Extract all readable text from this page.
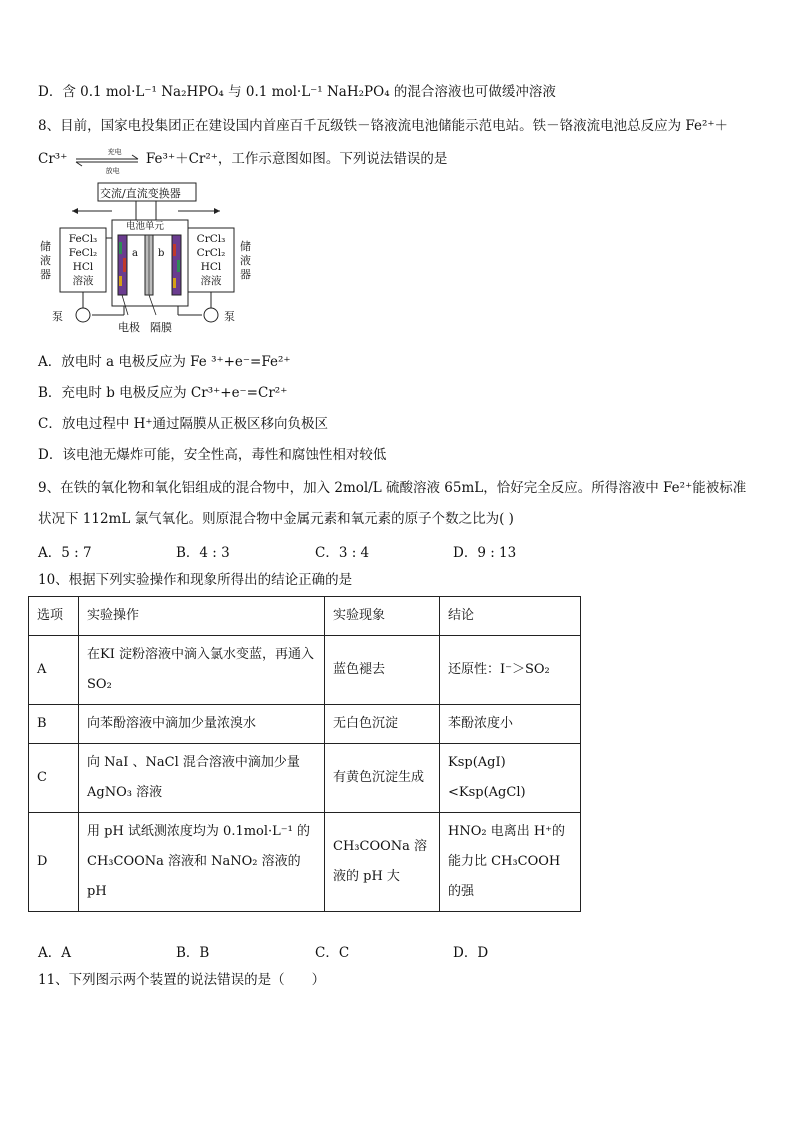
D．含 0.1 mol·L⁻¹ Na₂HPO₄ 与 0.1 mol·L⁻¹ NaH₂PO₄ 的混合溶液也可做缓冲溶液
8、目前，国家电投集团正在建设国内首座百千瓦级铁－铬液流电池储能示范电站。铁－铬液流电池总反应为 Fe²⁺＋
Cr³⁺	充电
放电
Fe³⁺＋Cr²⁺，工作示意图如图。下列说法错误的是
交流/直流变换器
电池单元
储液器
储液器
FeCl₃
FeCl₂
HCl
溶液
CrCl₃
CrCl₂
HCl
溶液
a b
泵	泵
电极 隔膜
A．放电时 a 电极反应为 Fe ³⁺+e⁻=Fe²⁺
B．充电时 b 电极反应为 Cr³⁺+e⁻=Cr²⁺
C．放电过程中 H⁺通过隔膜从正极区移向负极区
D．该电池无爆炸可能，安全性高，毒性和腐蚀性相对较低
9、在铁的氧化物和氧化铝组成的混合物中，加入 2mol/L 硫酸溶液 65mL，恰好完全反应。所得溶液中 Fe²⁺能被标准
状况下 112mL 氯气氧化。则原混合物中金属元素和氧元素的原子个数之比为( )
A．5 : 7	B．4 : 3	C．3 : 4	D．9 : 13
10、根据下列实验操作和现象所得出的结论正确的是
选项	实验操作	实验现象	结论
A	在KI 淀粉溶液中滴入氯水变蓝，再通入 SO₂	蓝色褪去	还原性：I⁻＞SO₂
B	向苯酚溶液中滴加少量浓溴水	无白色沉淀	苯酚浓度小
C	向 NaI 、NaCl 混合溶液中滴加少量 AgNO₃ 溶液	有黄色沉淀生成	Ksp(AgI)<Ksp(AgCl)
D	用 pH 试纸测浓度均为 0.1mol·L⁻¹ 的 CH₃COONa 溶液和 NaNO₂ 溶液的 pH	CH₃COONa 溶液的 pH 大	HNO₂ 电离出 H⁺的能力比 CH₃COOH 的强
A．A	B．B	C．C	D．D
11、下列图示两个装置的说法错误的是（　　）
